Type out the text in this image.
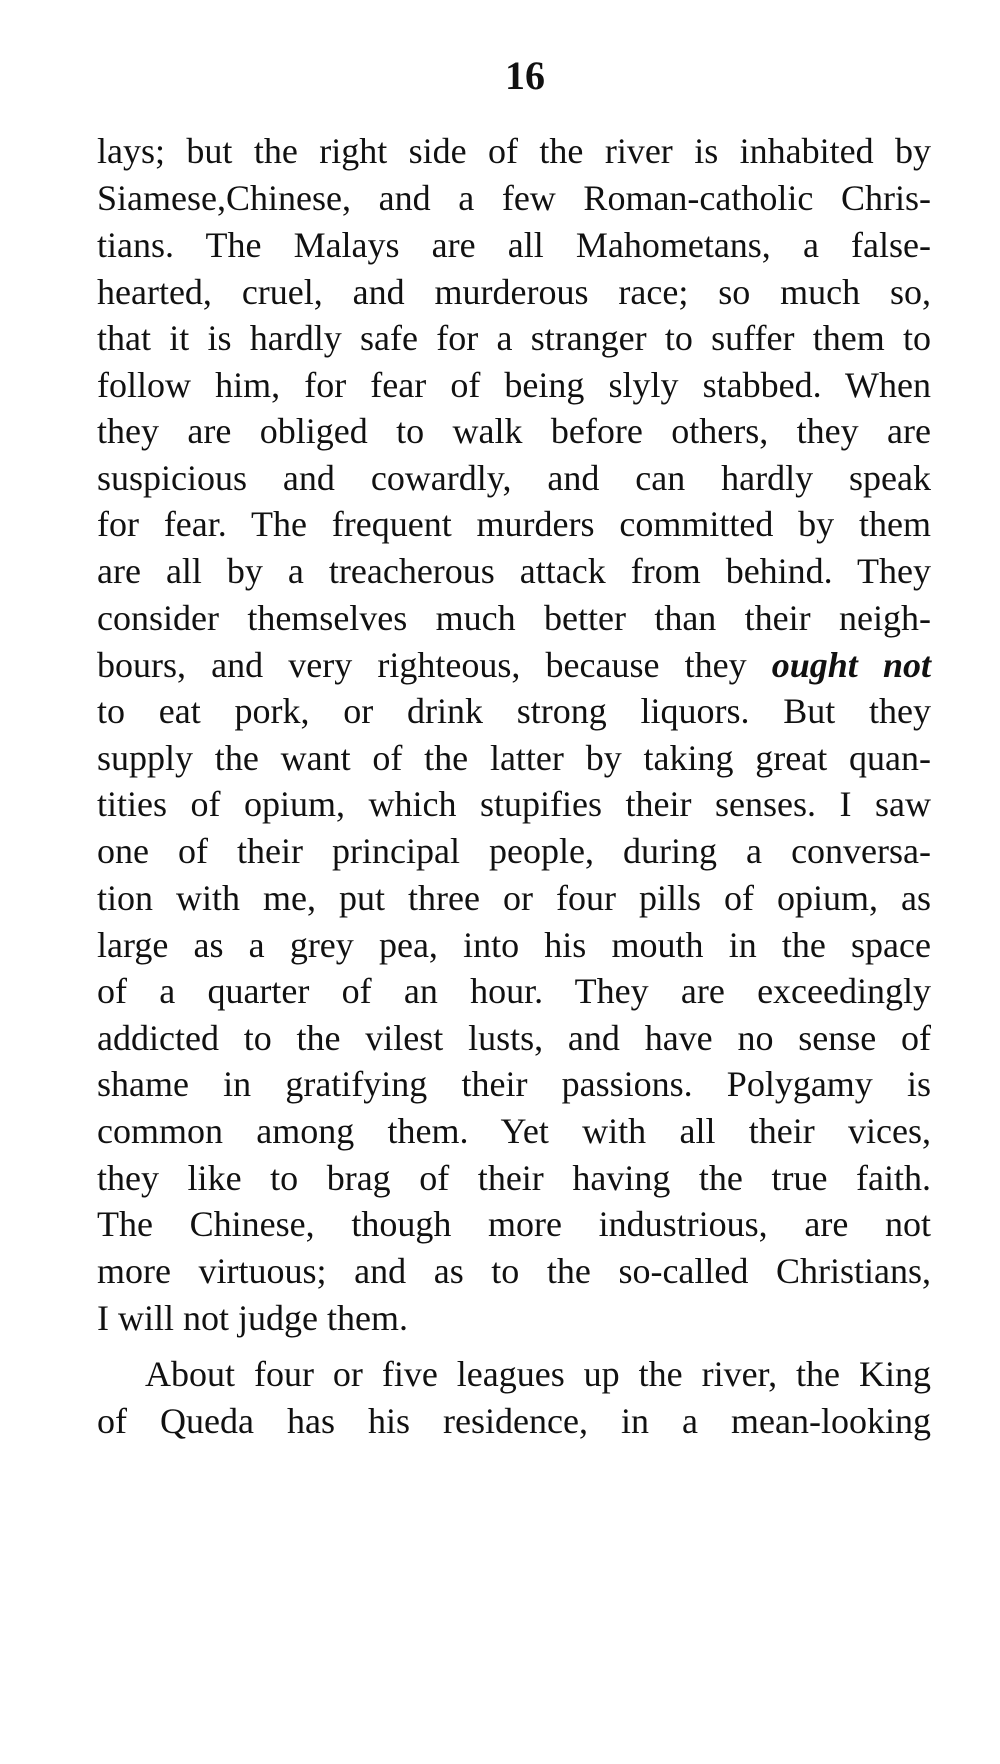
16
lays; but the right side of the river is inhabited by
Siamese,Chinese, and a few Roman-catholic Chris-
tians. The Malays are all Mahometans, a false-
hearted, cruel, and murderous race; so much so,
that it is hardly safe for a stranger to suffer them to
follow him, for fear of being slyly stabbed. When
they are obliged to walk before others, they are
suspicious and cowardly, and can hardly speak
for fear. The frequent murders committed by them
are all by a treacherous attack from behind. They
consider themselves much better than their neigh-
bours, and very righteous, because they ought not
to eat pork, or drink strong liquors. But they
supply the want of the latter by taking great quan-
tities of opium, which stupifies their senses. I saw
one of their principal people, during a conversa-
tion with me, put three or four pills of opium, as
large as a grey pea, into his mouth in the space
of a quarter of an hour. They are exceedingly
addicted to the vilest lusts, and have no sense of
shame in gratifying their passions. Polygamy is
common among them. Yet with all their vices,
they like to brag of their having the true faith.
The Chinese, though more industrious, are not
more virtuous; and as to the so-called Christians,
I will not judge them.
About four or five leagues up the river, the King
of Queda has his residence, in a mean-looking
